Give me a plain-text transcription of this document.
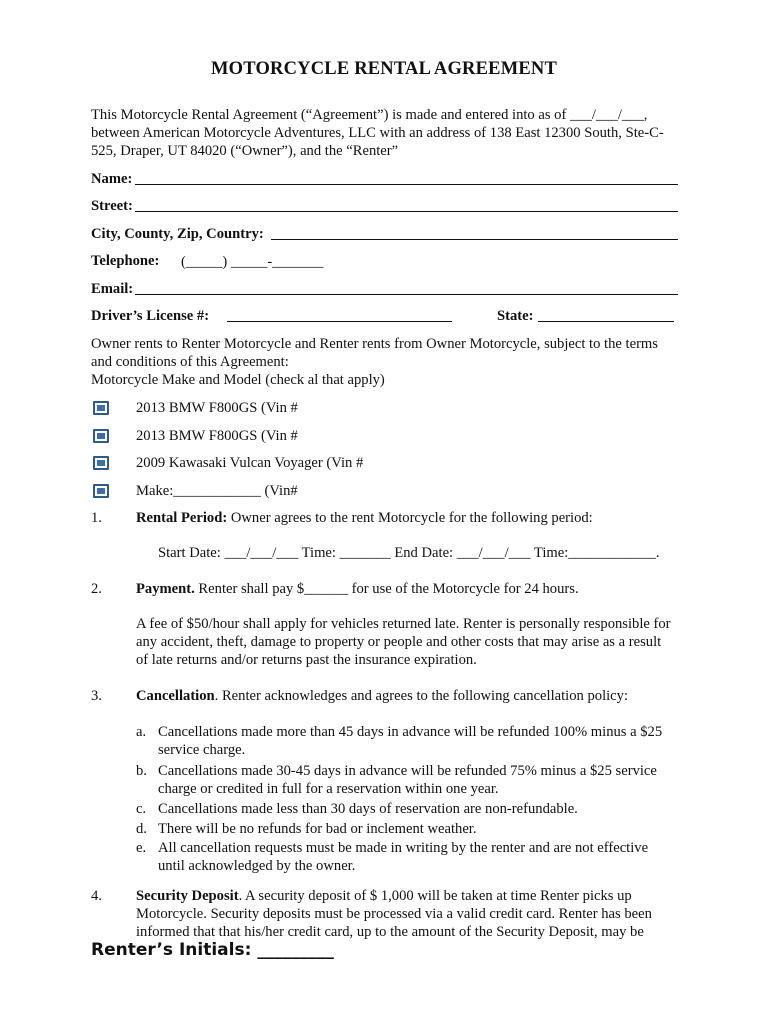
MOTORCYCLE RENTAL AGREEMENT
This Motorcycle Rental Agreement (“Agreement”) is made and entered into as of ___/___/___, between American Motorcycle Adventures, LLC with an address of 138 East 12300 South, Ste-C-525, Draper, UT 84020 (“Owner”), and the “Renter”
Name:
Street:
City, County, Zip, Country:
Telephone: (_____) _____-_______
Email:
Driver’s License #:	State:
Owner rents to Renter Motorcycle and Renter rents from Owner Motorcycle, subject to the terms and conditions of this Agreement:
Motorcycle Make and Model (check al that apply)
2013 BMW F800GS (Vin #
2013 BMW F800GS (Vin #
2009 Kawasaki Vulcan Voyager (Vin #
Make:____________ (Vin#
1. Rental Period: Owner agrees to the rent Motorcycle for the following period:
Start Date: ___/___/___ Time: _______ End Date: ___/___/___ Time:____________.
2. Payment. Renter shall pay $______ for use of the Motorcycle for 24 hours.
A fee of $50/hour shall apply for vehicles returned late. Renter is personally responsible for any accident, theft, damage to property or people and other costs that may arise as a result of late returns and/or returns past the insurance expiration.
3. Cancellation. Renter acknowledges and agrees to the following cancellation policy:
a. Cancellations made more than 45 days in advance will be refunded 100% minus a $25 service charge.
b. Cancellations made 30-45 days in advance will be refunded 75% minus a $25 service charge or credited in full for a reservation within one year.
c. Cancellations made less than 30 days of reservation are non-refundable.
d. There will be no refunds for bad or inclement weather.
e. All cancellation requests must be made in writing by the renter and are not effective until acknowledged by the owner.
4. Security Deposit. A security deposit of $ 1,000 will be taken at time Renter picks up Motorcycle. Security deposits must be processed via a valid credit card. Renter has been informed that that his/her credit card, up to the amount of the Security Deposit, may be
Renter’s Initials: _________
